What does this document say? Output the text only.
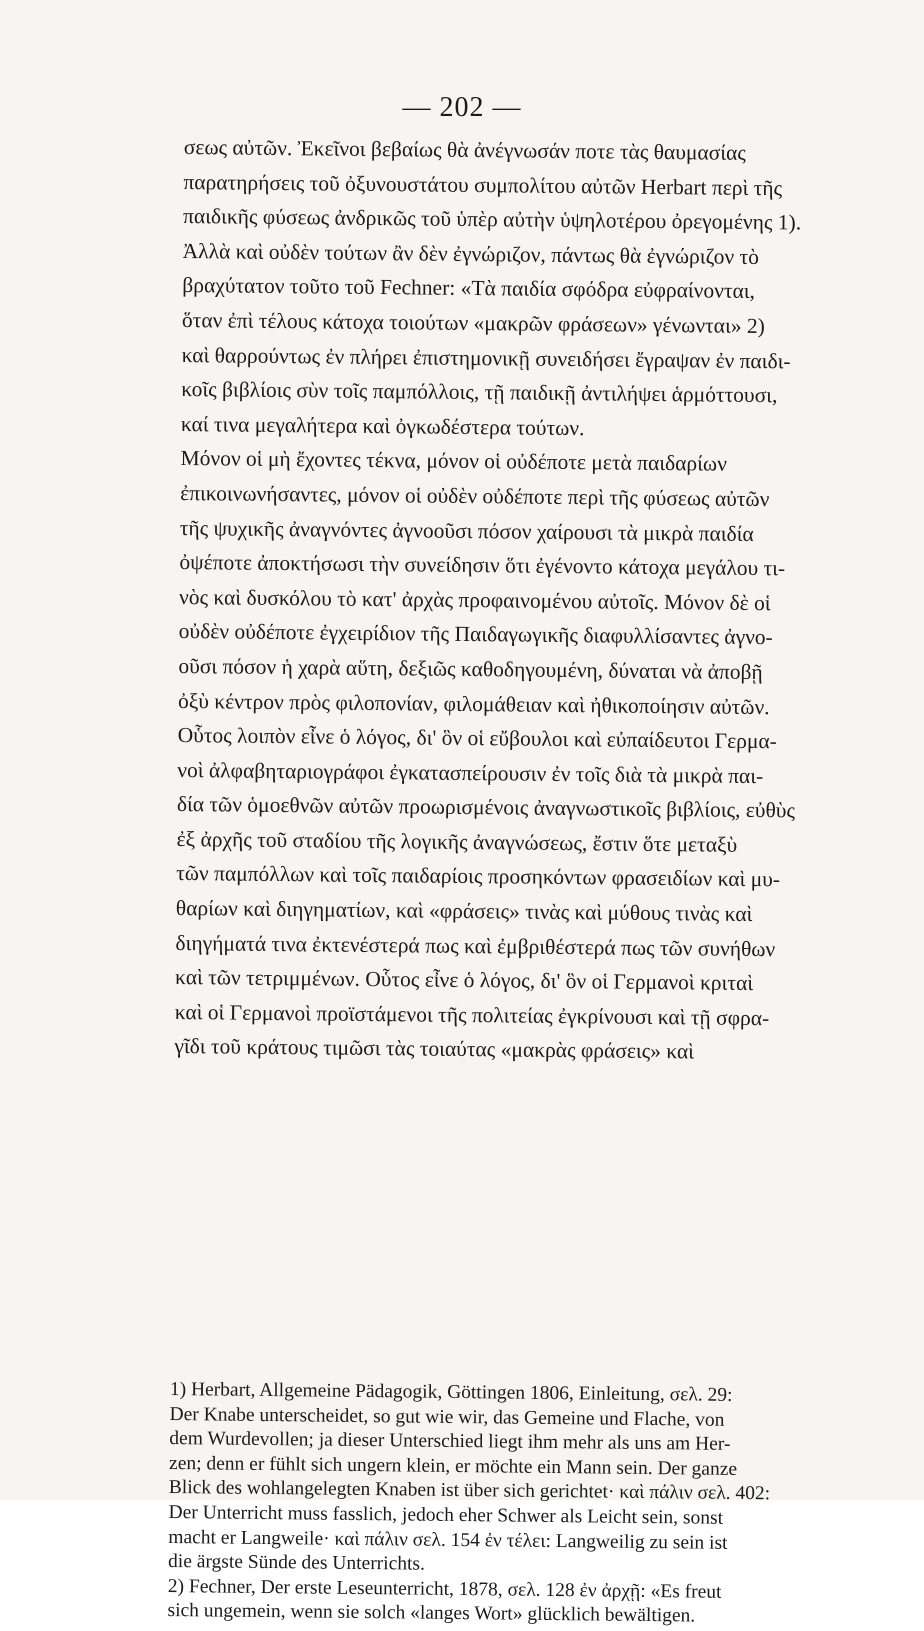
— 202 —
σεως αὐτῶν. Ἐκεῖνοι βεβαίως θὰ ἀνέγνωσάν ποτε τὰς θαυμασίας
παρατηρήσεις τοῦ ὀξυνουστάτου συμπολίτου αὐτῶν Herbart περὶ τῆς
παιδικῆς φύσεως ἀνδρικῶς τοῦ ὑπὲρ αὐτὴν ὑψηλοτέρου ὀρεγομένης 1).
Ἀλλὰ καὶ οὐδὲν τούτων ἂν δὲν ἐγνώριζον, πάντως θὰ ἐγνώριζον τὸ
βραχύτατον τοῦτο τοῦ Fechner: «Τὰ παιδία σφόδρα εὐφραίνονται,
ὅταν ἐπὶ τέλους κάτοχα τοιούτων «μακρῶν φράσεων» γένωνται» 2)
καὶ θαρρούντως ἐν πλήρει ἐπιστημονικῇ συνειδήσει ἔγραψαν ἐν παιδι-
κοῖς βιβλίοις σὺν τοῖς παμπόλλοις, τῇ παιδικῇ ἀντιλήψει ἁρμόττουσι,
καί τινα μεγαλήτερα καὶ ὀγκωδέστερα τούτων.
Μόνον οἱ μὴ ἔχοντες τέκνα, μόνον οἱ οὐδέποτε μετὰ παιδαρίων
ἐπικοινωνήσαντες, μόνον οἱ οὐδὲν οὐδέποτε περὶ τῆς φύσεως αὐτῶν
τῆς ψυχικῆς ἀναγνόντες ἀγνοοῦσι πόσον χαίρουσι τὰ μικρὰ παιδία
ὀψέποτε ἀποκτήσωσι τὴν συνείδησιν ὅτι ἐγένοντο κάτοχα μεγάλου τι-
νὸς καὶ δυσκόλου τὸ κατ' ἀρχὰς προφαινομένου αὐτοῖς. Μόνον δὲ οἱ
οὐδὲν οὐδέποτε ἐγχειρίδιον τῆς Παιδαγωγικῆς διαφυλλίσαντες ἀγνο-
οῦσι πόσον ἡ χαρὰ αὕτη, δεξιῶς καθοδηγουμένη, δύναται νὰ ἀποβῇ
ὀξὺ κέντρον πρὸς φιλοπονίαν, φιλομάθειαν καὶ ἠθικοποίησιν αὐτῶν.
Οὗτος λοιπὸν εἶνε ὁ λόγος, δι' ὃν οἱ εὔβουλοι καὶ εὐπαίδευτοι Γερμα-
νοὶ ἀλφαβηταριογράφοι ἐγκατασπείρουσιν ἐν τοῖς διὰ τὰ μικρὰ παι-
δία τῶν ὁμοεθνῶν αὐτῶν προωρισμένοις ἀναγνωστικοῖς βιβλίοις, εὐθὺς
ἐξ ἀρχῆς τοῦ σταδίου τῆς λογικῆς ἀναγνώσεως, ἔστιν ὅτε μεταξὺ
τῶν παμπόλλων καὶ τοῖς παιδαρίοις προσηκόντων φρασειδίων καὶ μυ-
θαρίων καὶ διηγηματίων, καὶ «φράσεις» τινὰς καὶ μύθους τινὰς καὶ
διηγήματά τινα ἐκτενέστερά πως καὶ ἐμβριθέστερά πως τῶν συνήθων
καὶ τῶν τετριμμένων. Οὗτος εἶνε ὁ λόγος, δι' ὃν οἱ Γερμανοὶ κριταὶ
καὶ οἱ Γερμανοὶ προϊστάμενοι τῆς πολιτείας ἐγκρίνουσι καὶ τῇ σφρα-
γῖδι τοῦ κράτους τιμῶσι τὰς τοιαύτας «μακρὰς φράσεις» καὶ
1) Herbart, Allgemeine Pädagogik, Göttingen 1806, Einleitung, σελ. 29:
Der Knabe unterscheidet, so gut wie wir, das Gemeine und Flache, von
dem Wurdevollen; ja dieser Unterschied liegt ihm mehr als uns am Her-
zen; denn er fühlt sich ungern klein, er möchte ein Mann sein. Der ganze
Blick des wohlangelegten Knaben ist über sich gerichtet· καὶ πάλιν σελ. 402:
Der Unterricht muss fasslich, jedoch eher Schwer als Leicht sein, sonst
macht er Langweile· καὶ πάλιν σελ. 154 ἐν τέλει: Langweilig zu sein ist
die ärgste Sünde des Unterrichts.
2) Fechner, Der erste Leseunterricht, 1878, σελ. 128 ἐν ἀρχῇ: «Es freut
sich ungemein, wenn sie solch «langes Wort» glücklich bewältigen.
